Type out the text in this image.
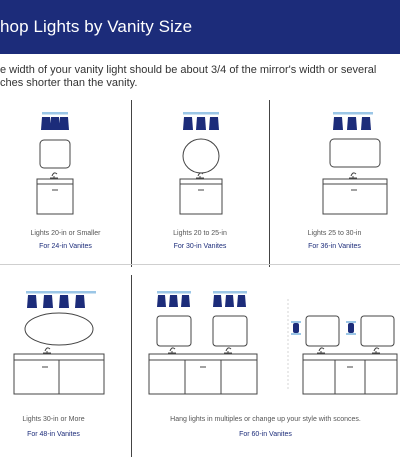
hop Lights by Vanity Size

e width of your vanity light should be about 3/4 of the mirror's width or several ches shorter than the vanity.

Lights 20-in or Smaller
For 24-in Vanites
Lights 20 to 25-in
For 30-in Vanites
Lights 25 to 30-in
For 36-in Vanites
Lights 30-in or More
For 48-in Vanites
Hang lights in multiples or change up your style with sconces.
For 60-in Vanites
